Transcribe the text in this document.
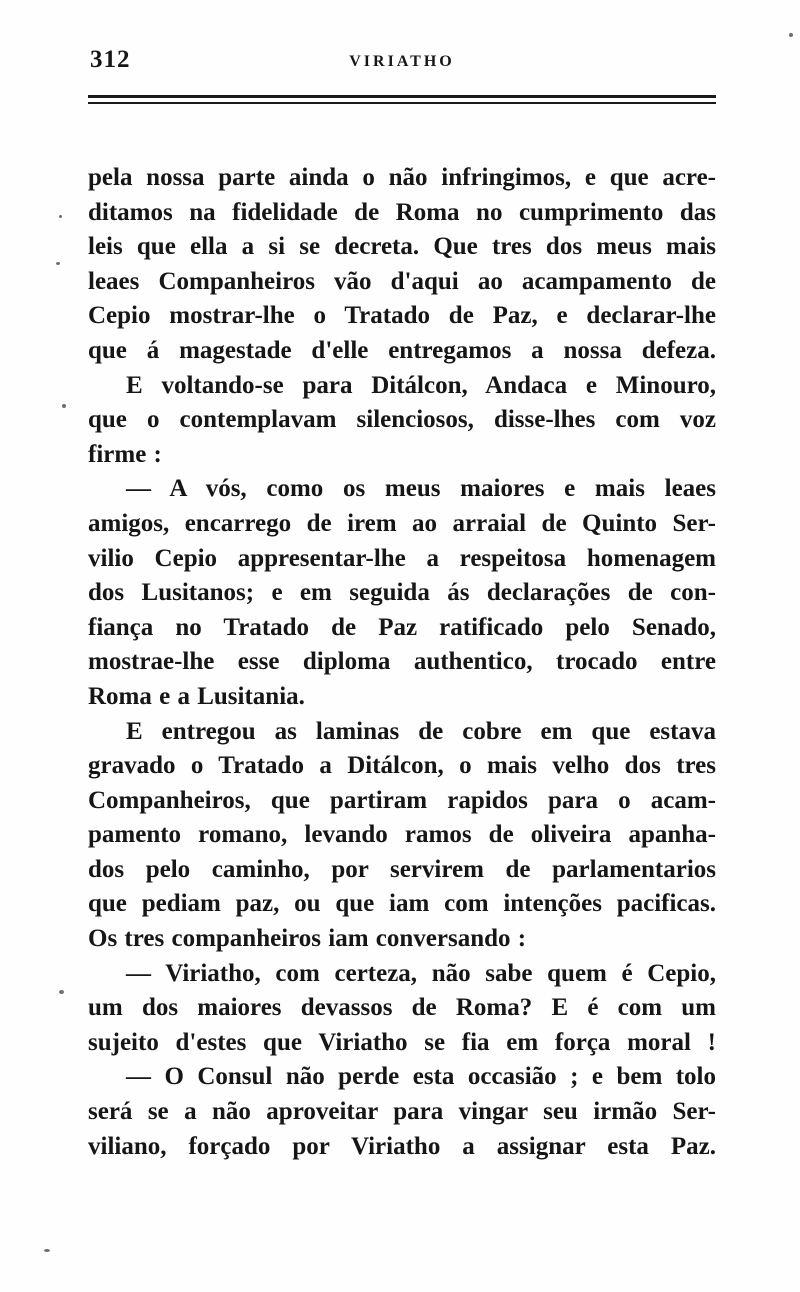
312	VIRIATHO
pela nossa parte ainda o não infringimos, e que acre-
ditamos na fidelidade de Roma no cumprimento das
leis que ella a si se decreta. Que tres dos meus mais
leaes Companheiros vão d'aqui ao acampamento de
Cepio mostrar-lhe o Tratado de Paz, e declarar-lhe
que á magestade d'elle entregamos a nossa defeza.
E voltando-se para Ditálcon, Andaca e Minouro,
que o contemplavam silenciosos, disse-lhes com voz
firme :
— A vós, como os meus maiores e mais leaes
amigos, encarrego de irem ao arraial de Quinto Ser-
vilio Cepio appresentar-lhe a respeitosa homenagem
dos Lusitanos; e em seguida ás declarações de con-
fiança no Tratado de Paz ratificado pelo Senado,
mostrae-lhe esse diploma authentico, trocado entre
Roma e a Lusitania.
E entregou as laminas de cobre em que estava
gravado o Tratado a Ditálcon, o mais velho dos tres
Companheiros, que partiram rapidos para o acam-
pamento romano, levando ramos de oliveira apanha-
dos pelo caminho, por servirem de parlamentarios
que pediam paz, ou que iam com intenções pacificas.
Os tres companheiros iam conversando :
— Viriatho, com certeza, não sabe quem é Cepio,
um dos maiores devassos de Roma? E é com um
sujeito d'estes que Viriatho se fia em força moral !
— O Consul não perde esta occasião ; e bem tolo
será se a não aproveitar para vingar seu irmão Ser-
viliano, forçado por Viriatho a assignar esta Paz.
